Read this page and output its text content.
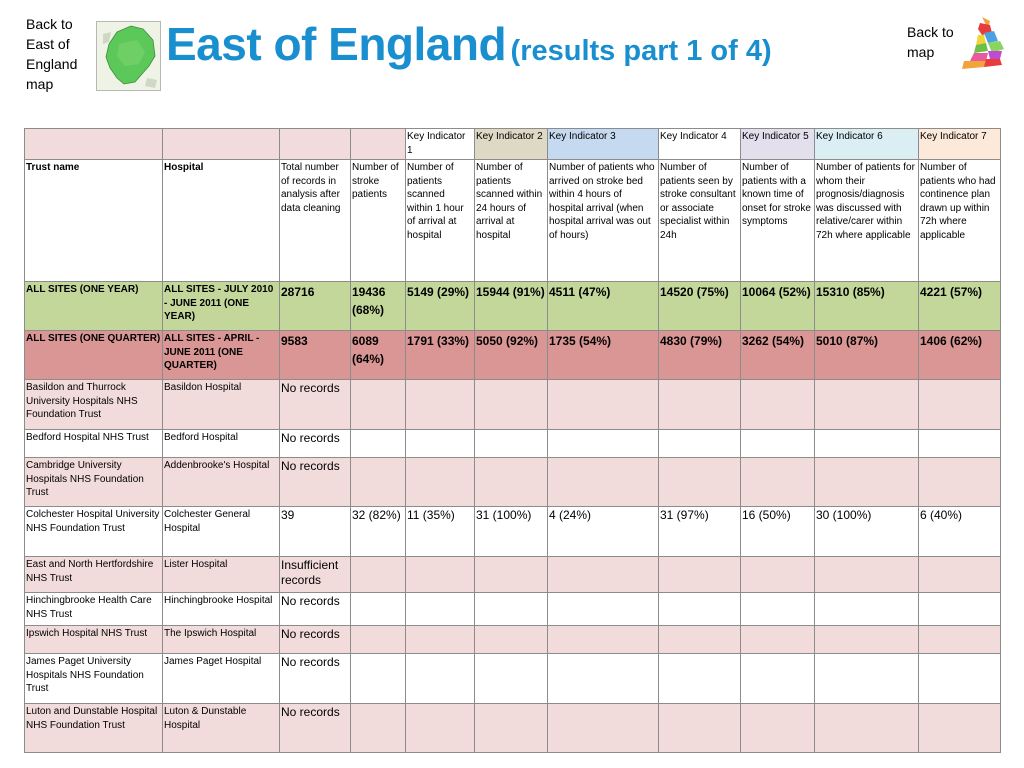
Back to East of England map
East of England (results part 1 of 4)
Back to map
				Key Indicator 1	Key Indicator 2	Key Indicator 3	Key Indicator 4	Key Indicator 5	Key Indicator 6	Key Indicator 7
Trust name	Hospital	Total number of records in analysis after data cleaning	Number of stroke patients	Number of patients scanned within 1 hour of arrival at hospital	Number of patients scanned within 24 hours of arrival at hospital	Number of patients who arrived on stroke bed within 4 hours of hospital arrival (when hospital arrival was out of hours)	Number of patients seen by stroke consultant or associate specialist within 24h	Number of patients with a known time of onset for stroke symptoms	Number of patients for whom their prognosis/diagnosis was discussed with relative/carer within 72h where applicable	Number of patients who had continence plan drawn up within 72h where applicable
ALL SITES (ONE YEAR)	ALL SITES - JULY 2010 - JUNE 2011 (ONE YEAR)	28716	19436 (68%)	5149 (29%)	15944 (91%)	4511 (47%)	14520 (75%)	10064 (52%)	15310 (85%)	4221 (57%)
ALL SITES (ONE QUARTER)	ALL SITES - APRIL - JUNE 2011 (ONE QUARTER)	9583	6089 (64%)	1791 (33%)	5050 (92%)	1735 (54%)	4830 (79%)	3262 (54%)	5010 (87%)	1406 (62%)
Basildon and Thurrock University Hospitals NHS Foundation Trust	Basildon Hospital	No records								
Bedford Hospital NHS Trust	Bedford Hospital	No records								
Cambridge University Hospitals NHS Foundation Trust	Addenbrooke's Hospital	No records								
Colchester Hospital University NHS Foundation Trust	Colchester General Hospital	39	32 (82%)	11 (35%)	31 (100%)	4 (24%)	31 (97%)	16 (50%)	30 (100%)	6 (40%)
East and North Hertfordshire NHS Trust	Lister Hospital	Insufficient records								
Hinchingbrooke Health Care NHS Trust	Hinchingbrooke Hospital	No records								
Ipswich Hospital NHS Trust	The Ipswich Hospital	No records								
James Paget University Hospitals NHS Foundation Trust	James Paget Hospital	No records								
Luton and Dunstable Hospital NHS Foundation Trust	Luton & Dunstable Hospital	No records								
